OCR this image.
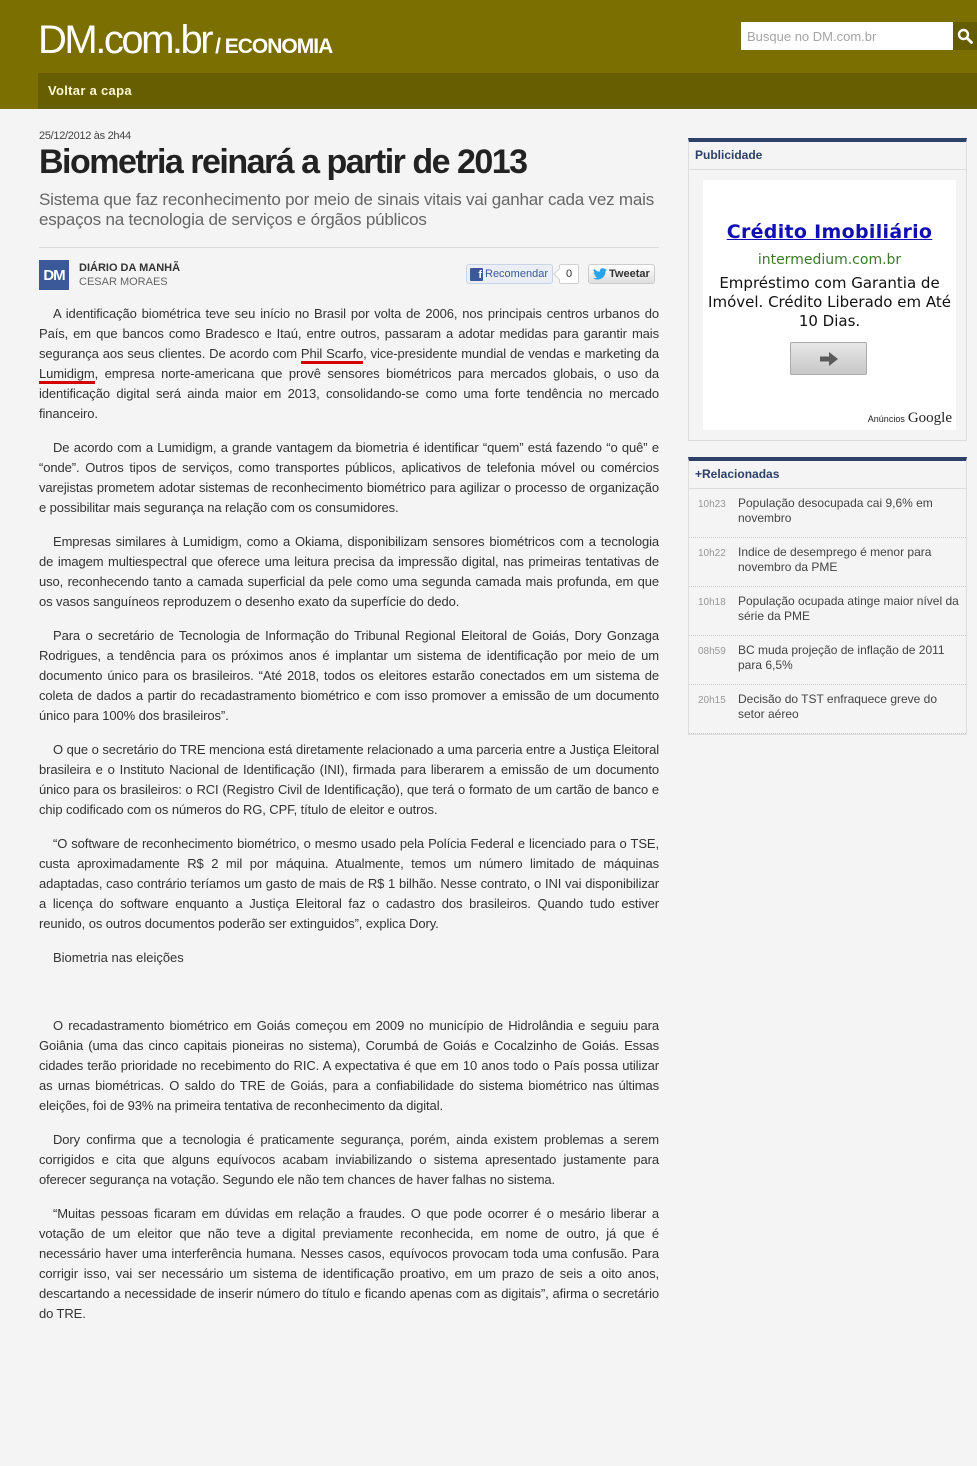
DM.com.br / ECONOMIA
Busque no DM.com.br
Voltar a capa
25/12/2012 às 2h44
Biometria reinará a partir de 2013
Sistema que faz reconhecimento por meio de sinais vitais vai ganhar cada vez mais espaços na tecnologia de serviços e órgãos públicos
DM	DIÁRIO DA MANHÃ
CESAR MORAES
f Recomendar	0	Tweetar

A identificação biométrica teve seu início no Brasil por volta de 2006, nos principais centros urbanos do País, em que bancos como Bradesco e Itaú, entre outros, passaram a adotar medidas para garantir mais segurança aos seus clientes. De acordo com Phil Scarfo, vice-presidente mundial de vendas e marketing da Lumidigm, empresa norte-americana que provê sensores biométricos para mercados globais, o uso da identificação digital será ainda maior em 2013, consolidando-se como uma forte tendência no mercado financeiro.

De acordo com a Lumidigm, a grande vantagem da biometria é identificar “quem” está fazendo “o quê” e “onde”. Outros tipos de serviços, como transportes públicos, aplicativos de telefonia móvel ou comércios varejistas prometem adotar sistemas de reconhecimento biométrico para agilizar o processo de organização e possibilitar mais segurança na relação com os consumidores.

Empresas similares à Lumidigm, como a Okiama, disponibilizam sensores biométricos com a tecnologia de imagem multiespectral que oferece uma leitura precisa da impressão digital, nas primeiras tentativas de uso, reconhecendo tanto a camada superficial da pele como uma segunda camada mais profunda, em que os vasos sanguíneos reproduzem o desenho exato da superfície do dedo.

Para o secretário de Tecnologia de Informação do Tribunal Regional Eleitoral de Goiás, Dory Gonzaga Rodrigues, a tendência para os próximos anos é implantar um sistema de identificação por meio de um documento único para os brasileiros. “Até 2018, todos os eleitores estarão conectados em um sistema de coleta de dados a partir do recadastramento biométrico e com isso promover a emissão de um documento único para 100% dos brasileiros”.

O que o secretário do TRE menciona está diretamente relacionado a uma parceria entre a Justiça Eleitoral brasileira e o Instituto Nacional de Identificação (INI), firmada para liberarem a emissão de um documento único para os brasileiros: o RCI (Registro Civil de Identificação), que terá o formato de um cartão de banco e chip codificado com os números do RG, CPF, título de eleitor e outros.

“O software de reconhecimento biométrico, o mesmo usado pela Polícia Federal e licenciado para o TSE, custa aproximadamente R$ 2 mil por máquina. Atualmente, temos um número limitado de máquinas adaptadas, caso contrário teríamos um gasto de mais de R$ 1 bilhão. Nesse contrato, o INI vai disponibilizar a licença do software enquanto a Justiça Eleitoral faz o cadastro dos brasileiros. Quando tudo estiver reunido, os outros documentos poderão ser extinguidos”, explica Dory.

Biometria nas eleições

O recadastramento biométrico em Goiás começou em 2009 no município de Hidrolândia e seguiu para Goiânia (uma das cinco capitais pioneiras no sistema), Corumbá de Goiás e Cocalzinho de Goiás. Essas cidades terão prioridade no recebimento do RIC. A expectativa é que em 10 anos todo o País possa utilizar as urnas biométricas. O saldo do TRE de Goiás, para a confiabilidade do sistema biométrico nas últimas eleições, foi de 93% na primeira tentativa de reconhecimento da digital.

Dory confirma que a tecnologia é praticamente segurança, porém, ainda existem problemas a serem corrigidos e cita que alguns equívocos acabam inviabilizando o sistema apresentado justamente para oferecer segurança na votação. Segundo ele não tem chances de haver falhas no sistema.

“Muitas pessoas ficaram em dúvidas em relação a fraudes. O que pode ocorrer é o mesário liberar a votação de um eleitor que não teve a digital previamente reconhecida, em nome de outro, já que é necessário haver uma interferência humana. Nesses casos, equívocos provocam toda uma confusão. Para corrigir isso, vai ser necessário um sistema de identificação proativo, em um prazo de seis a oito anos, descartando a necessidade de inserir número do título e ficando apenas com as digitais”, afirma o secretário do TRE.

Publicidade
Crédito Imobiliário
intermedium.com.br
Empréstimo com Garantia de Imóvel. Crédito Liberado em Até 10 Dias.
Anúncios Google
+Relacionadas
10h23	População desocupada cai 9,6% em novembro
10h22	Indice de desemprego é menor para novembro da PME
10h18	População ocupada atinge maior nível da série da PME
08h59	BC muda projeção de inflação de 2011 para 6,5%
20h15	Decisão do TST enfraquece greve do setor aéreo
